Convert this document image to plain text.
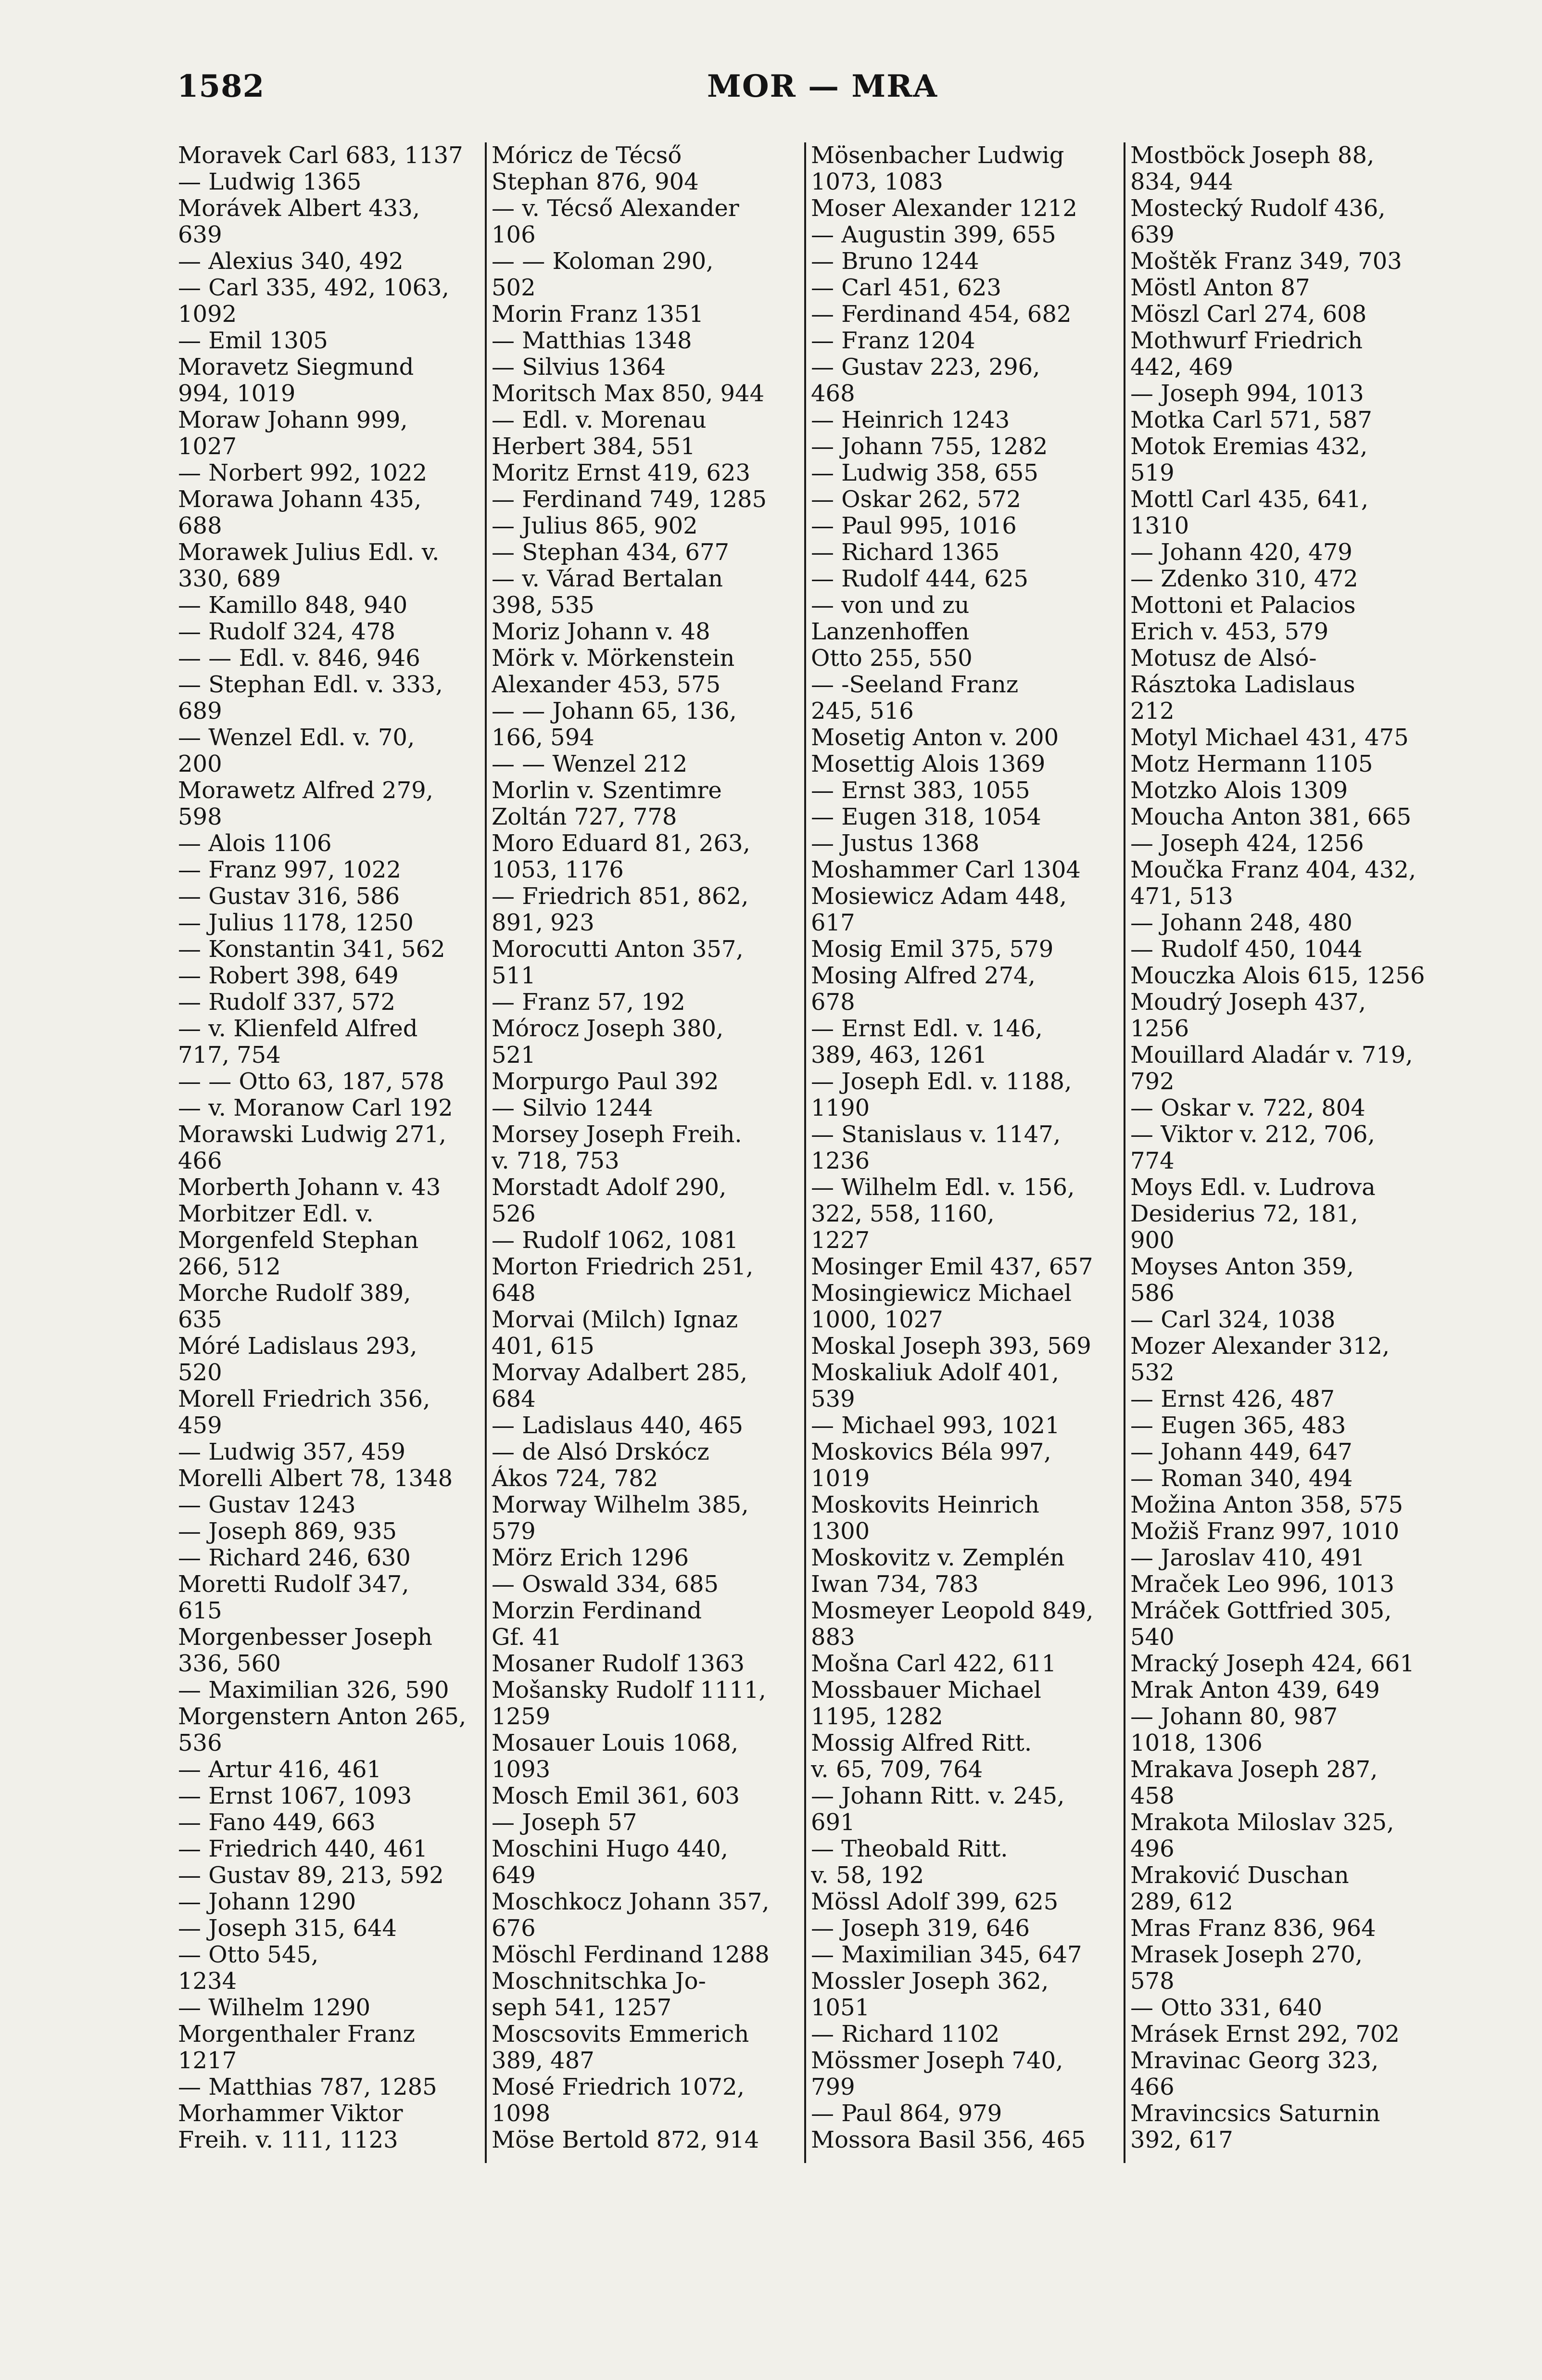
1582	MOR — MRA
Moravek Carl 683, 1137
— Ludwig 1365
Morávek Albert 433,
639
— Alexius 340, 492
— Carl 335, 492, 1063,
1092
— Emil 1305
Moravetz Siegmund
994, 1019
Moraw Johann 999,
1027
— Norbert 992, 1022
Morawa Johann 435,
688
Morawek Julius Edl. v.
330, 689
— Kamillo 848, 940
— Rudolf 324, 478
— — Edl. v. 846, 946
— Stephan Edl. v. 333,
689
— Wenzel Edl. v. 70,
200
Morawetz Alfred 279,
598
— Alois 1106
— Franz 997, 1022
— Gustav 316, 586
— Julius 1178, 1250
— Konstantin 341, 562
— Robert 398, 649
— Rudolf 337, 572
— v. Klienfeld Alfred
717, 754
— — Otto 63, 187, 578
— v. Moranow Carl 192
Morawski Ludwig 271,
466
Morberth Johann v. 43
Morbitzer Edl. v.
Morgenfeld Stephan
266, 512
Morche Rudolf 389,
635
Móré Ladislaus 293,
520
Morell Friedrich 356,
459
— Ludwig 357, 459
Morelli Albert 78, 1348
— Gustav 1243
— Joseph 869, 935
— Richard 246, 630
Moretti Rudolf 347,
615
Morgenbesser Joseph
336, 560
— Maximilian 326, 590
Morgenstern Anton 265,
536
— Artur 416, 461
— Ernst 1067, 1093
— Fano 449, 663
— Friedrich 440, 461
— Gustav 89, 213, 592
— Johann 1290
— Joseph 315, 644
— Otto 545,
1234
— Wilhelm 1290
Morgenthaler Franz
1217
— Matthias 787, 1285
Morhammer Viktor
Freih. v. 111, 1123
Móricz de Técső
Stephan 876, 904
— v. Técső Alexander
106
— — Koloman 290,
502
Morin Franz 1351
— Matthias 1348
— Silvius 1364
Moritsch Max 850, 944
— Edl. v. Morenau
Herbert 384, 551
Moritz Ernst 419, 623
— Ferdinand 749, 1285
— Julius 865, 902
— Stephan 434, 677
— v. Várad Bertalan
398, 535
Moriz Johann v. 48
Mörk v. Mörkenstein
Alexander 453, 575
— — Johann 65, 136,
166, 594
— — Wenzel 212
Morlin v. Szentimre
Zoltán 727, 778
Moro Eduard 81, 263,
1053, 1176
— Friedrich 851, 862,
891, 923
Morocutti Anton 357,
511
— Franz 57, 192
Mórocz Joseph 380,
521
Morpurgo Paul 392
— Silvio 1244
Morsey Joseph Freih.
v. 718, 753
Morstadt Adolf 290,
526
— Rudolf 1062, 1081
Morton Friedrich 251,
648
Morvai (Milch) Ignaz
401, 615
Morvay Adalbert 285,
684
— Ladislaus 440, 465
— de Alsó Drskócz
Ákos 724, 782
Morway Wilhelm 385,
579
Mörz Erich 1296
— Oswald 334, 685
Morzin Ferdinand
Gf. 41
Mosaner Rudolf 1363
Mošansky Rudolf 1111,
1259
Mosauer Louis 1068,
1093
Mosch Emil 361, 603
— Joseph 57
Moschini Hugo 440,
649
Moschkocz Johann 357,
676
Möschl Ferdinand 1288
Moschnitschka Jo-
seph 541, 1257
Moscsovits Emmerich
389, 487
Mosé Friedrich 1072,
1098
Möse Bertold 872, 914
Mösenbacher Ludwig
1073, 1083
Moser Alexander 1212
— Augustin 399, 655
— Bruno 1244
— Carl 451, 623
— Ferdinand 454, 682
— Franz 1204
— Gustav 223, 296,
468
— Heinrich 1243
— Johann 755, 1282
— Ludwig 358, 655
— Oskar 262, 572
— Paul 995, 1016
— Richard 1365
— Rudolf 444, 625
— von und zu
Lanzenhoffen
Otto 255, 550
— -Seeland Franz
245, 516
Mosetig Anton v. 200
Mosettig Alois 1369
— Ernst 383, 1055
— Eugen 318, 1054
— Justus 1368
Moshammer Carl 1304
Mosiewicz Adam 448,
617
Mosig Emil 375, 579
Mosing Alfred 274,
678
— Ernst Edl. v. 146,
389, 463, 1261
— Joseph Edl. v. 1188,
1190
— Stanislaus v. 1147,
1236
— Wilhelm Edl. v. 156,
322, 558, 1160,
1227
Mosinger Emil 437, 657
Mosingiewicz Michael
1000, 1027
Moskal Joseph 393, 569
Moskaliuk Adolf 401,
539
— Michael 993, 1021
Moskovics Béla 997,
1019
Moskovits Heinrich
1300
Moskovitz v. Zemplén
Iwan 734, 783
Mosmeyer Leopold 849,
883
Mošna Carl 422, 611
Mossbauer Michael
1195, 1282
Mossig Alfred Ritt.
v. 65, 709, 764
— Johann Ritt. v. 245,
691
— Theobald Ritt.
v. 58, 192
Mössl Adolf 399, 625
— Joseph 319, 646
— Maximilian 345, 647
Mossler Joseph 362,
1051
— Richard 1102
Mössmer Joseph 740,
799
— Paul 864, 979
Mossora Basil 356, 465
Mostböck Joseph 88,
834, 944
Mostecký Rudolf 436,
639
Moštěk Franz 349, 703
Möstl Anton 87
Möszl Carl 274, 608
Mothwurf Friedrich
442, 469
— Joseph 994, 1013
Motka Carl 571, 587
Motok Eremias 432,
519
Mottl Carl 435, 641,
1310
— Johann 420, 479
— Zdenko 310, 472
Mottoni et Palacios
Erich v. 453, 579
Motusz de Alsó-
Rásztoka Ladislaus
212
Motyl Michael 431, 475
Motz Hermann 1105
Motzko Alois 1309
Moucha Anton 381, 665
— Joseph 424, 1256
Moučka Franz 404, 432,
471, 513
— Johann 248, 480
— Rudolf 450, 1044
Mouczka Alois 615, 1256
Moudrý Joseph 437,
1256
Mouillard Aladár v. 719,
792
— Oskar v. 722, 804
— Viktor v. 212, 706,
774
Moys Edl. v. Ludrova
Desiderius 72, 181,
900
Moyses Anton 359,
586
— Carl 324, 1038
Mozer Alexander 312,
532
— Ernst 426, 487
— Eugen 365, 483
— Johann 449, 647
— Roman 340, 494
Možina Anton 358, 575
Možiš Franz 997, 1010
— Jaroslav 410, 491
Mraček Leo 996, 1013
Mráček Gottfried 305,
540
Mracký Joseph 424, 661
Mrak Anton 439, 649
— Johann 80, 987
1018, 1306
Mrakava Joseph 287,
458
Mrakota Miloslav 325,
496
Mraković Duschan
289, 612
Mras Franz 836, 964
Mrasek Joseph 270,
578
— Otto 331, 640
Mrásek Ernst 292, 702
Mravinac Georg 323,
466
Mravincsics Saturnin
392, 617
